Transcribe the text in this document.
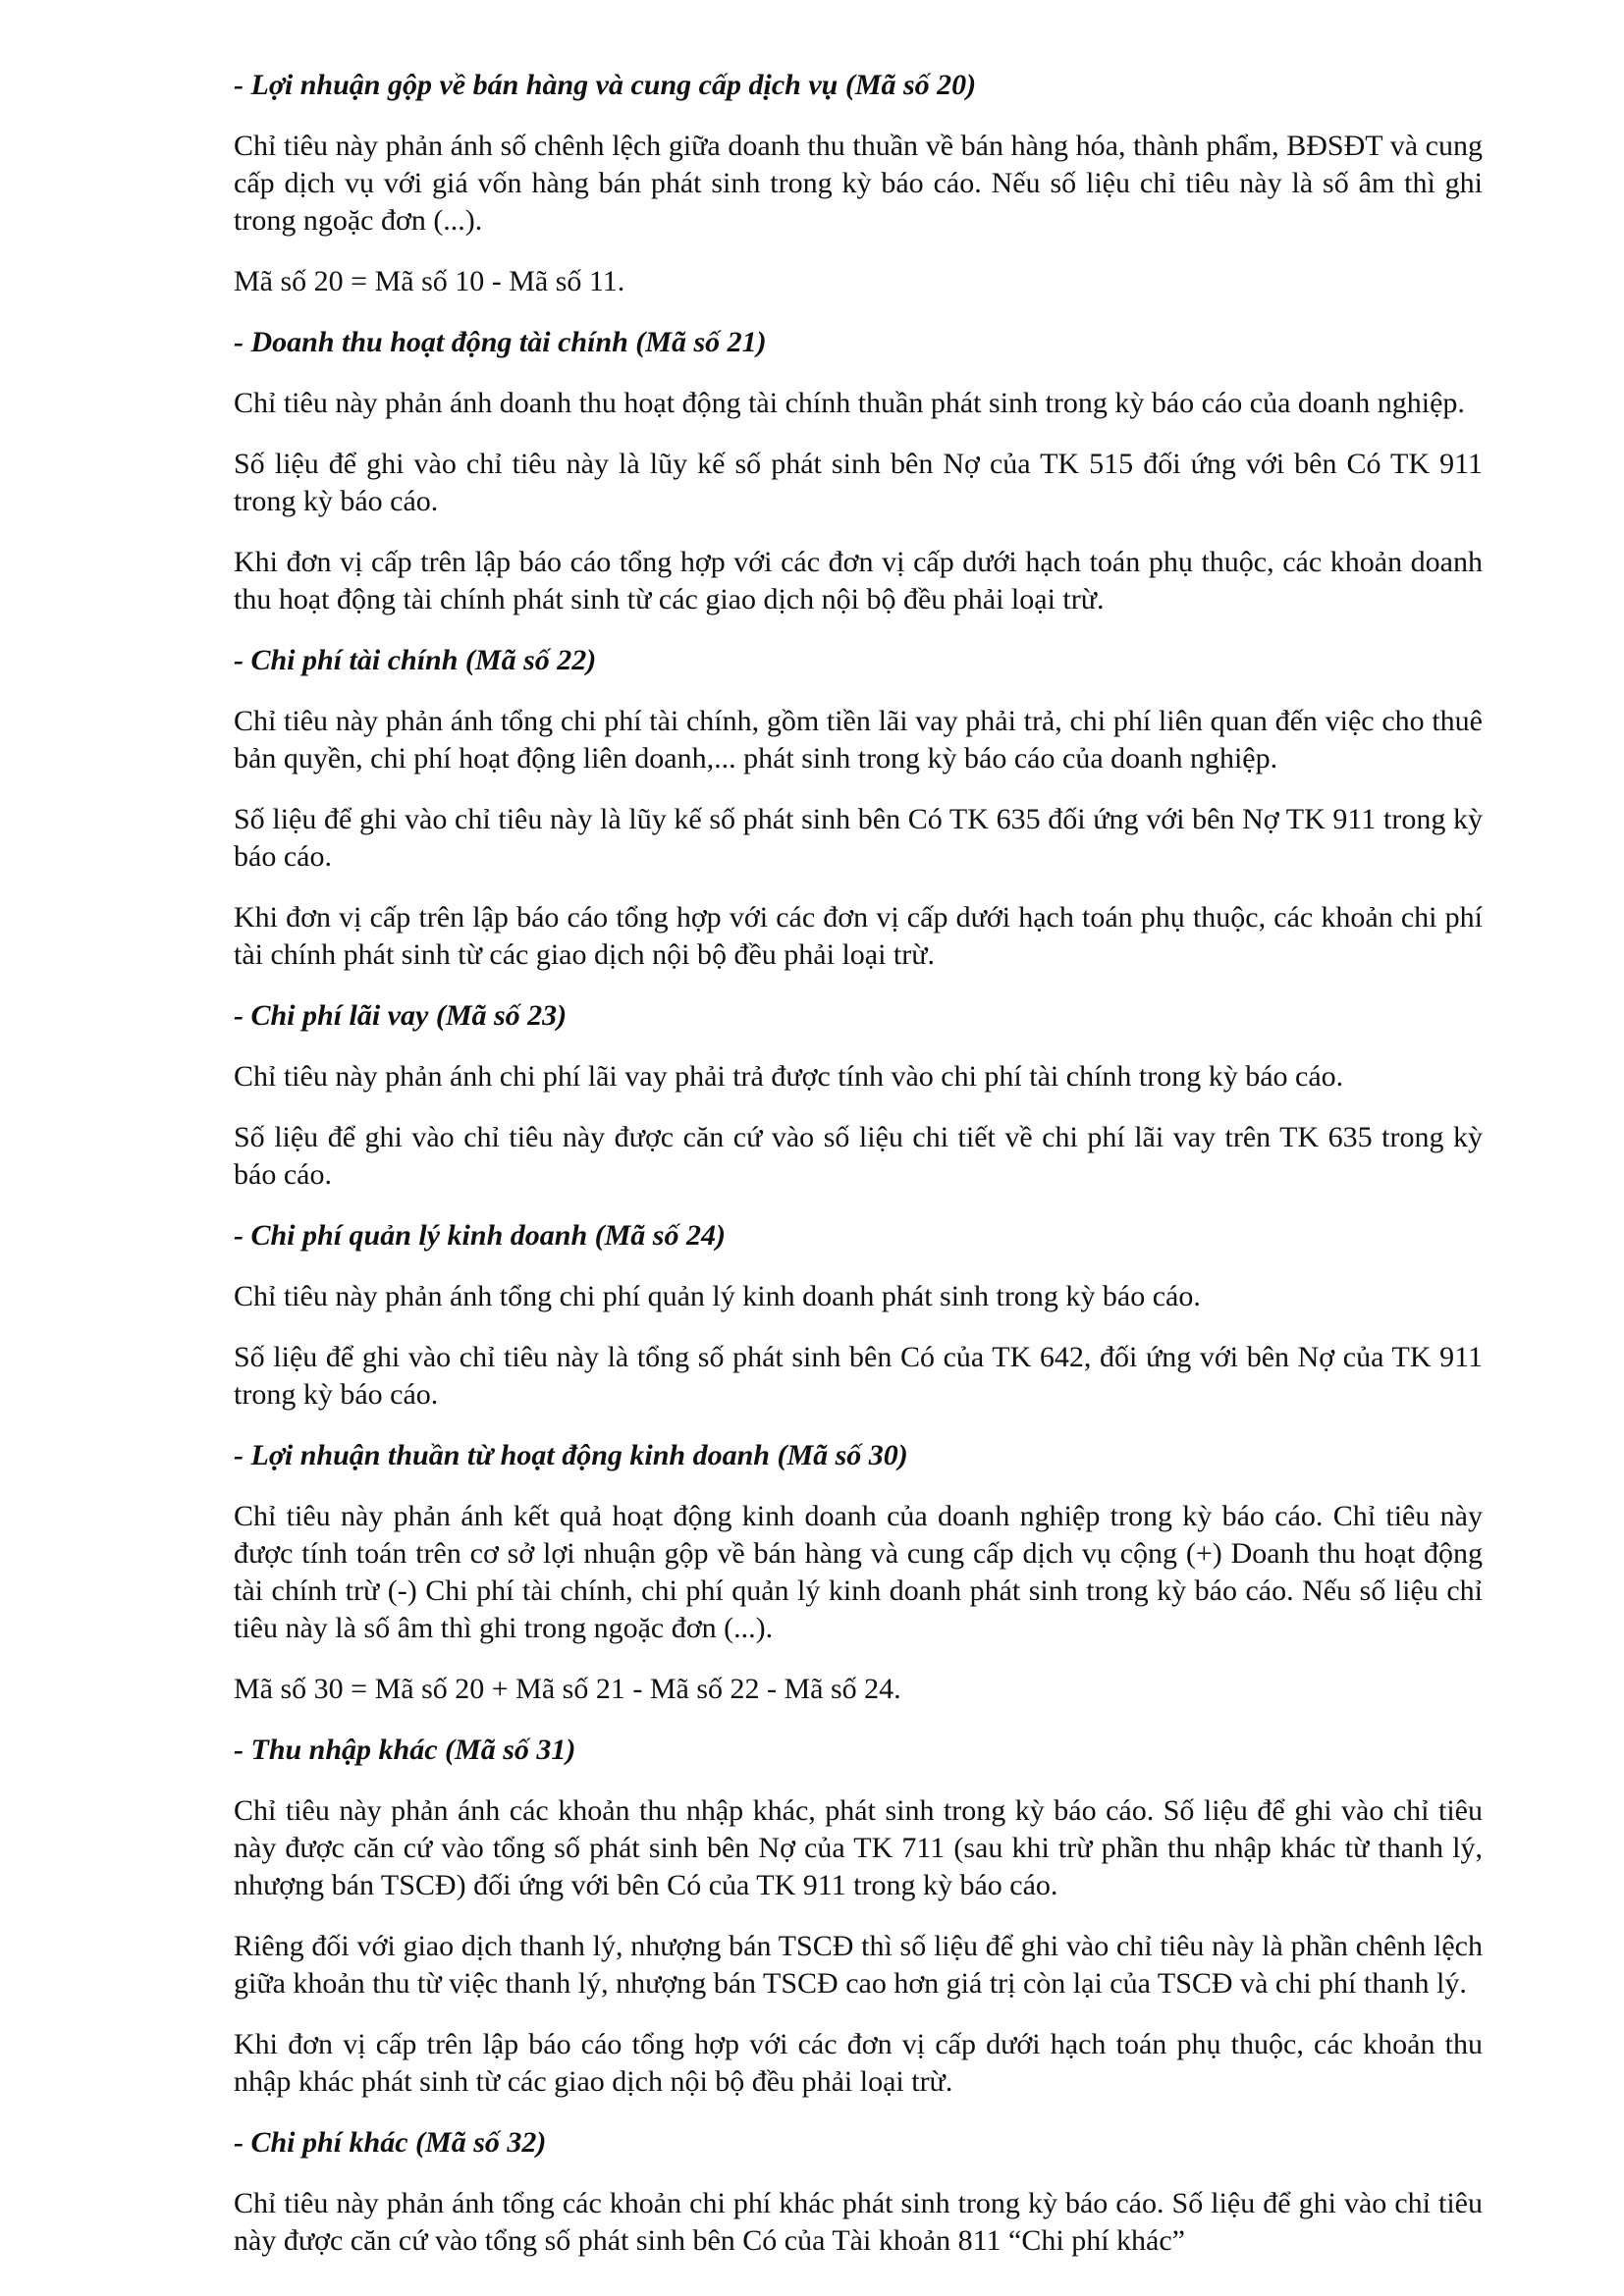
- Lợi nhuận gộp về bán hàng và cung cấp dịch vụ (Mã số 20)

Chỉ tiêu này phản ánh số chênh lệch giữa doanh thu thuần về bán hàng hóa, thành phẩm, BĐSĐT và cung cấp dịch vụ với giá vốn hàng bán phát sinh trong kỳ báo cáo. Nếu số liệu chỉ tiêu này là số âm thì ghi trong ngoặc đơn (...).

Mã số 20 = Mã số 10 - Mã số 11.

- Doanh thu hoạt động tài chính (Mã số 21)

Chỉ tiêu này phản ánh doanh thu hoạt động tài chính thuần phát sinh trong kỳ báo cáo của doanh nghiệp.

Số liệu để ghi vào chỉ tiêu này là lũy kế số phát sinh bên Nợ của TK 515 đối ứng với bên Có TK 911 trong kỳ báo cáo.

Khi đơn vị cấp trên lập báo cáo tổng hợp với các đơn vị cấp dưới hạch toán phụ thuộc, các khoản doanh thu hoạt động tài chính phát sinh từ các giao dịch nội bộ đều phải loại trừ.

- Chi phí tài chính (Mã số 22)

Chỉ tiêu này phản ánh tổng chi phí tài chính, gồm tiền lãi vay phải trả, chi phí liên quan đến việc cho thuê bản quyền, chi phí hoạt động liên doanh,... phát sinh trong kỳ báo cáo của doanh nghiệp.

Số liệu để ghi vào chỉ tiêu này là lũy kế số phát sinh bên Có TK 635 đối ứng với bên Nợ TK 911 trong kỳ báo cáo.

Khi đơn vị cấp trên lập báo cáo tổng hợp với các đơn vị cấp dưới hạch toán phụ thuộc, các khoản chi phí tài chính phát sinh từ các giao dịch nội bộ đều phải loại trừ.

- Chi phí lãi vay (Mã số 23)

Chỉ tiêu này phản ánh chi phí lãi vay phải trả được tính vào chi phí tài chính trong kỳ báo cáo.

Số liệu để ghi vào chỉ tiêu này được căn cứ vào số liệu chi tiết về chi phí lãi vay trên TK 635 trong kỳ báo cáo.

- Chi phí quản lý kinh doanh (Mã số 24)

Chỉ tiêu này phản ánh tổng chi phí quản lý kinh doanh phát sinh trong kỳ báo cáo.

Số liệu để ghi vào chỉ tiêu này là tổng số phát sinh bên Có của TK 642, đối ứng với bên Nợ của TK 911 trong kỳ báo cáo.

- Lợi nhuận thuần từ hoạt động kinh doanh (Mã số 30)

Chỉ tiêu này phản ánh kết quả hoạt động kinh doanh của doanh nghiệp trong kỳ báo cáo. Chỉ tiêu này được tính toán trên cơ sở lợi nhuận gộp về bán hàng và cung cấp dịch vụ cộng (+) Doanh thu hoạt động tài chính trừ (-) Chi phí tài chính, chi phí quản lý kinh doanh phát sinh trong kỳ báo cáo. Nếu số liệu chỉ tiêu này là số âm thì ghi trong ngoặc đơn (...).

Mã số 30 = Mã số 20 + Mã số 21 - Mã số 22 - Mã số 24.

- Thu nhập khác (Mã số 31)

Chỉ tiêu này phản ánh các khoản thu nhập khác, phát sinh trong kỳ báo cáo. Số liệu để ghi vào chỉ tiêu này được căn cứ vào tổng số phát sinh bên Nợ của TK 711 (sau khi trừ phần thu nhập khác từ thanh lý, nhượng bán TSCĐ) đối ứng với bên Có của TK 911 trong kỳ báo cáo.

Riêng đối với giao dịch thanh lý, nhượng bán TSCĐ thì số liệu để ghi vào chỉ tiêu này là phần chênh lệch giữa khoản thu từ việc thanh lý, nhượng bán TSCĐ cao hơn giá trị còn lại của TSCĐ và chi phí thanh lý.

Khi đơn vị cấp trên lập báo cáo tổng hợp với các đơn vị cấp dưới hạch toán phụ thuộc, các khoản thu nhập khác phát sinh từ các giao dịch nội bộ đều phải loại trừ.

- Chi phí khác (Mã số 32)

Chỉ tiêu này phản ánh tổng các khoản chi phí khác phát sinh trong kỳ báo cáo. Số liệu để ghi vào chỉ tiêu này được căn cứ vào tổng số phát sinh bên Có của Tài khoản 811 “Chi phí khác”
